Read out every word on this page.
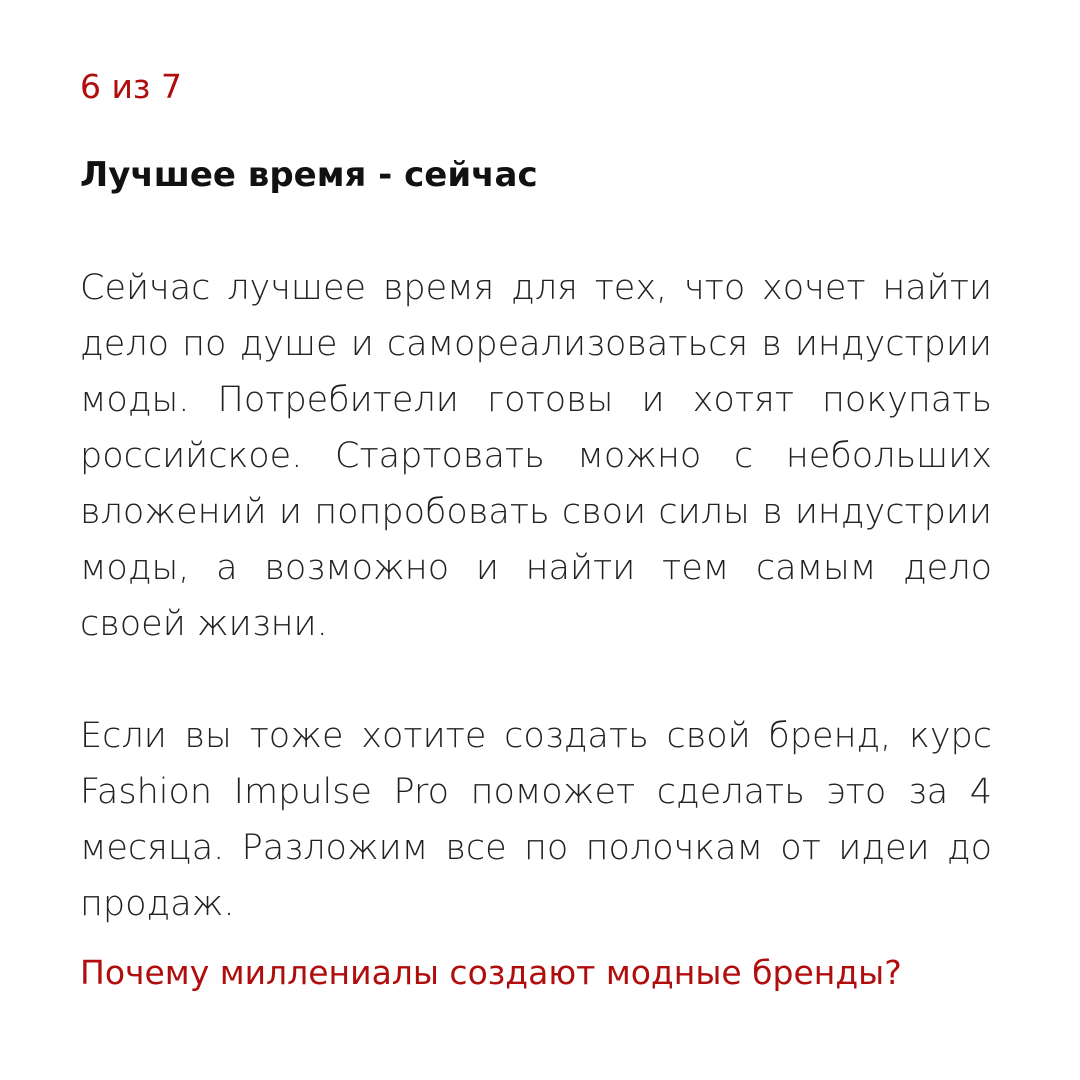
6 из 7
Лучшее время - сейчас

Сейчас лучшее время для тех, что хочет найти дело по душе и самореализоваться в индустрии моды. Потребители готовы и хотят покупать российское. Стартовать можно с небольших вложений и попробовать свои силы в индустрии моды, а возможно и найти тем самым дело своей жизни.

Если вы тоже хотите создать свой бренд, курс Fashion Impulse Pro поможет сделать это за 4 месяца. Разложим все по полочкам от идеи до продаж.

Почему миллениалы создают модные бренды?
